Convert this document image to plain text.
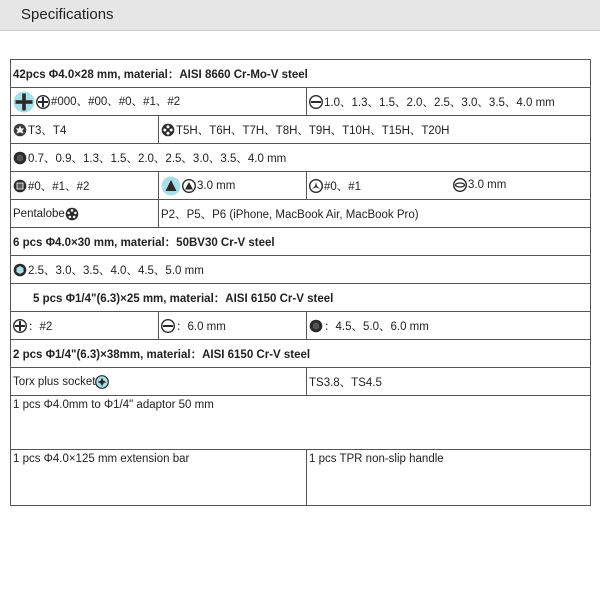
Specifications
42pcs Φ4.0×28 mm, material：AISI 8660 Cr-Mo-V steel		

#000、#00、#0、#1、#2		1.0、1.3、1.5、2.0、2.5、3.0、3.5、4.0 mm

T3、T4	T5H、T6H、T7H、T8H、T9H、T10H、T15H、T20H	

0.7、0.9、1.3、1.5、2.0、2.5、3.0、3.5、4.0 mm		

#0、#1、#2	3.0 mm	#0、#1 3.0 mm

Pentalobe	P2、P5、P6 (iPhone, MacBook Air, MacBook Pro)	
6 pcs Φ4.0×30 mm, material：50BV30 Cr-V steel		

2.5、3.0、3.5、4.0、4.5、5.0 mm		
5 pcs Φ1/4"(6.3)×25 mm, material：AISI 6150 Cr-V steel		

：#2	：6.0 mm	：4.5、5.0、6.0 mm
2 pcs Φ1/4"(6.3)×38mm, material：AISI 6150 Cr-V steel		
Torx plus socket		TS3.8、TS4.5
1 pcs Φ4.0mm to Φ1/4" adaptor 50 mm		
1 pcs Φ4.0×125 mm extension bar		1 pcs TPR non-slip handle
